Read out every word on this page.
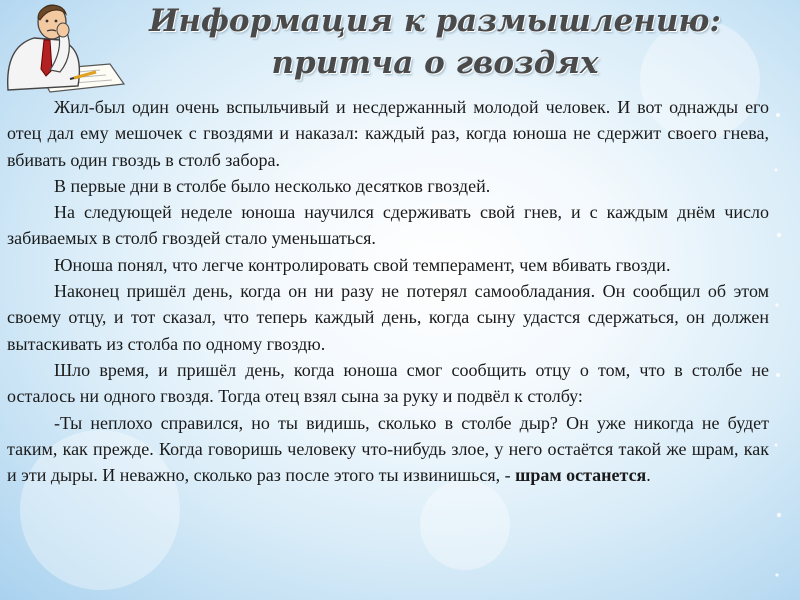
Информация к размышлению:
притча о гвоздях

Жил-был один очень вспыльчивый и несдержанный молодой человек. И вот однажды его отец дал ему мешочек с гвоздями и наказал: каждый раз, когда юноша не сдержит своего гнева, вбивать один гвоздь в столб забора.

В первые дни в столбе было несколько десятков гвоздей.

На следующей неделе юноша научился сдерживать свой гнев, и с каждым днём число забиваемых в столб гвоздей стало уменьшаться.

Юноша понял, что легче контролировать свой темперамент, чем вбивать гвозди.

Наконец пришёл день, когда он ни разу не потерял самообладания. Он сообщил об этом своему отцу, и тот сказал, что теперь каждый день, когда сыну удастся сдержаться, он должен вытаскивать из столба по одному гвоздю.

Шло время, и пришёл день, когда юноша смог сообщить отцу о том, что в столбе не осталось ни одного гвоздя. Тогда отец взял сына за руку и подвёл к столбу:

-Ты неплохо справился, но ты видишь, сколько в столбе дыр? Он уже никогда не будет таким, как прежде. Когда говоришь человеку что-нибудь злое, у него остаётся такой же шрам, как и эти дыры. И неважно, сколько раз после этого ты извинишься, - шрам останется.
